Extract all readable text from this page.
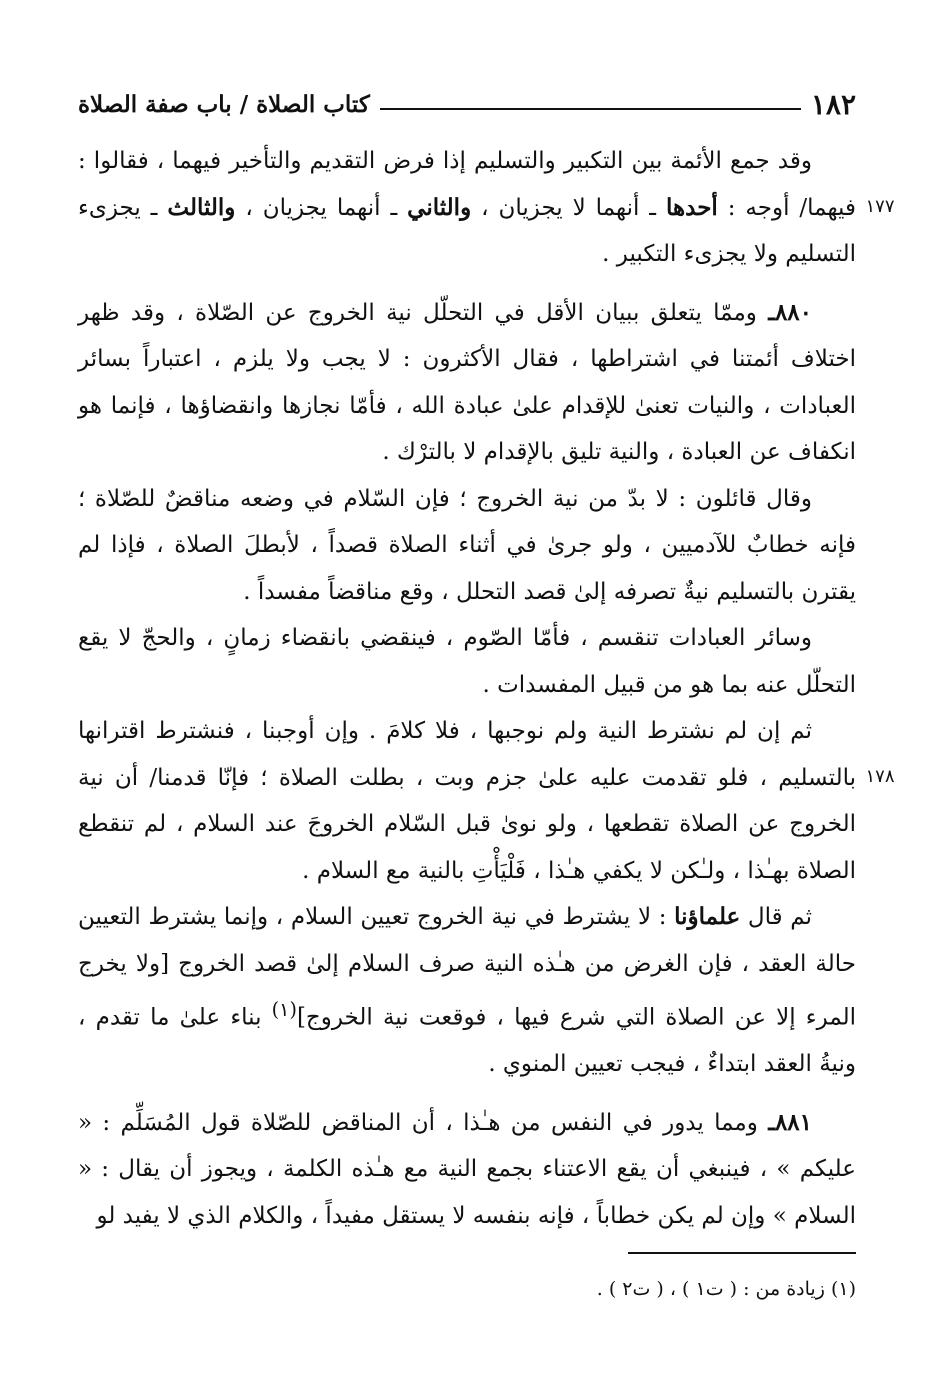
١٨٢
كتاب الصلاة / باب صفة الصلاة
١٧٧
١٧٨

وقد جمع الأئمة بين التكبير والتسليم إذا فرض التقديم والتأخير فيهما ، فقالوا : فيهما/ أوجه : أحدها ـ أنهما لا يجزيان ، والثاني ـ أنهما يجزيان ، والثالث ـ يجزىء التسليم ولا يجزىء التكبير .

٨٨٠ـ وممّا يتعلق ببيان الأقل في التحلّل نية الخروج عن الصّلاة ، وقد ظهر اختلاف أئمتنا في اشتراطها ، فقال الأكثرون : لا يجب ولا يلزم ، اعتباراً بسائر العبادات ، والنيات تعنىٰ للإقدام علىٰ عبادة الله ، فأمّا نجازها وانقضاؤها ، فإنما هو انكفاف عن العبادة ، والنية تليق بالإقدام لا بالترْك .

وقال قائلون : لا بدّ من نية الخروج ؛ فإن السّلام في وضعه مناقضٌ للصّلاة ؛ فإنه خطابٌ للآدميين ، ولو جرىٰ في أثناء الصلاة قصداً ، لأبطلَ الصلاة ، فإذا لم يقترن بالتسليم نيةٌ تصرفه إلىٰ قصد التحلل ، وقع مناقضاً مفسداً .

وسائر العبادات تنقسم ، فأمّا الصّوم ، فينقضي بانقضاء زمانٍ ، والحجّ لا يقع التحلّل عنه بما هو من قبيل المفسدات .

ثم إن لم نشترط النية ولم نوجبها ، فلا كلامَ . وإن أوجبنا ، فنشترط اقترانها بالتسليم ، فلو تقدمت عليه علىٰ جزم وبت ، بطلت الصلاة ؛ فإنّا قدمنا/ أن نية الخروج عن الصلاة تقطعها ، ولو نوىٰ قبل السّلام الخروجَ عند السلام ، لم تنقطع الصلاة بهـٰذا ، ولـٰكن لا يكفي هـٰذا ، فَلْيَأْتِ بالنية مع السلام .

ثم قال علماؤنا : لا يشترط في نية الخروج تعيين السلام ، وإنما يشترط التعيين حالة العقد ، فإن الغرض من هـٰذه النية صرف السلام إلىٰ قصد الخروج [ولا يخرج المرء إلا عن الصلاة التي شرع فيها ، فوقعت نية الخروج]$^{(١)}$ بناء علىٰ ما تقدم ، ونيةُ العقد ابتداءٌ ، فيجب تعيين المنوي .

٨٨١ـ ومما يدور في النفس من هـٰذا ، أن المناقض للصّلاة قول المُسَلِّم : « عليكم » ، فينبغي أن يقع الاعتناء بجمع النية مع هـٰذه الكلمة ، ويجوز أن يقال : « السلام » وإن لم يكن خطاباً ، فإنه بنفسه لا يستقل مفيداً ، والكلام الذي لا يفيد لو

(١) زيادة من : ( ت١ ) ، ( ت٢ ) .
